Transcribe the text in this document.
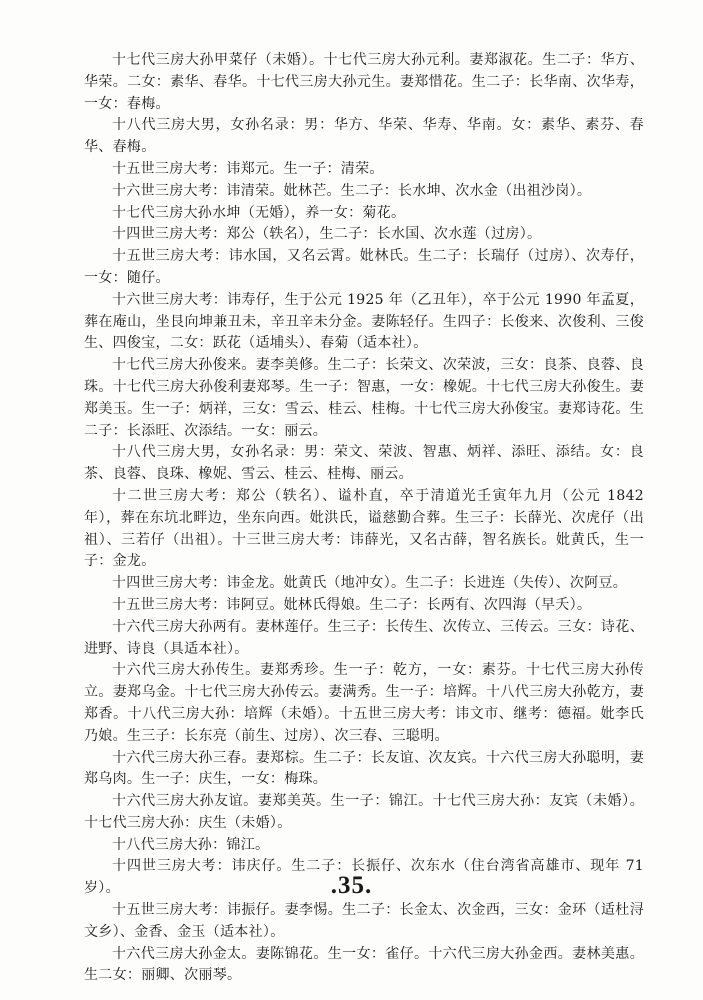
十七代三房大孙甲菜仔（未婚）。十七代三房大孙元利。妻郑淑花。生二子：华方、华荣。二女：素华、春华。十七代三房大孙元生。妻郑惜花。生二子：长华南、次华寿，一女：春梅。

十八代三房大男，女孙名录：男：华方、华荣、华寿、华南。女：素华、素芬、春华、春梅。

十五世三房大考：讳郑元。生一子：清荣。

十六世三房大考：讳清荣。妣林芒。生二子：长水坤、次水金（出祖沙岗）。

十七代三房大孙水坤（无婚），养一女：菊花。

十四世三房大考：郑公（轶名），生二子：长水国、次水莲（过房）。

十五世三房大考：讳水国，又名云霄。妣林氏。生二子：长瑞仔（过房）、次寿仔，一女：随仔。

十六世三房大考：讳寿仔，生于公元 1925 年（乙丑年），卒于公元 1990 年孟夏，葬在庵山，坐艮向坤兼丑未，辛丑辛未分金。妻陈轻仔。生四子：长俊来、次俊利、三俊生、四俊宝，二女：跃花（适埔头）、春菊（适本社）。

十七代三房大孙俊来。妻李美修。生二子：长荣文、次荣波，三女：良茶、良蓉、良珠。十七代三房大孙俊利妻郑琴。生一子：智惠，一女：橡妮。十七代三房大孙俊生。妻郑美玉。生一子：炳祥，三女：雪云、桂云、桂梅。十七代三房大孙俊宝。妻郑诗花。生二子：长添旺、次添结。一女：丽云。

十八代三房大男，女孙名录：男：荣文、荣波、智惠、炳祥、添旺、添结。女：良茶、良蓉、良珠、橡妮、雪云、桂云、桂梅、丽云。

十二世三房大考：郑公（轶名）、谥朴直，卒于清道光壬寅年九月（公元 1842 年），葬在东坑北畔边，坐东向西。妣洪氏，谥慈勤合葬。生三子：长薛光、次虎仔（出祖）、三若仔（出祖）。十三世三房大考：讳薛光，又名古薛，智名族长。妣黄氏，生一子：金龙。

十四世三房大考：讳金龙。妣黄氏（地冲女）。生二子：长进连（失传）、次阿豆。

十五世三房大考：讳阿豆。妣林氏得娘。生二子：长两有、次四海（早夭）。

十六代三房大孙两有。妻林莲仔。生三子：长传生、次传立、三传云。三女：诗花、进野、诗良（具适本社）。

十六代三房大孙传生。妻郑秀珍。生一子：乾方，一女：素芬。十七代三房大孙传立。妻郑乌金。十七代三房大孙传云。妻满秀。生一子：培辉。十八代三房大孙乾方，妻郑香。十八代三房大孙：培辉（未婚）。十五世三房大考：讳文市、继考：德福。妣李氏乃娘。生三子：长东亮（前生、过房）、次三春、三聪明。

十六代三房大孙三春。妻郑棕。生二子：长友谊、次友宾。十六代三房大孙聪明，妻郑乌肉。生一子：庆生，一女：梅珠。

十六代三房大孙友谊。妻郑美英。生一子：锦江。十七代三房大孙：友宾（未婚）。十七代三房大孙：庆生（未婚）。

十八代三房大孙：锦江。

十四世三房大考：讳庆仔。生二子：长振仔、次东水（住台湾省高雄市、现年 71 岁）。

十五世三房大考：讳振仔。妻李惕。生二子：长金太、次金西，三女：金环（适杜浔文乡）、金香、金玉（适本社）。

十六代三房大孙金太。妻陈锦花。生一女：雀仔。十六代三房大孙金西。妻林美惠。生二女：丽卿、次丽琴。

.35.
